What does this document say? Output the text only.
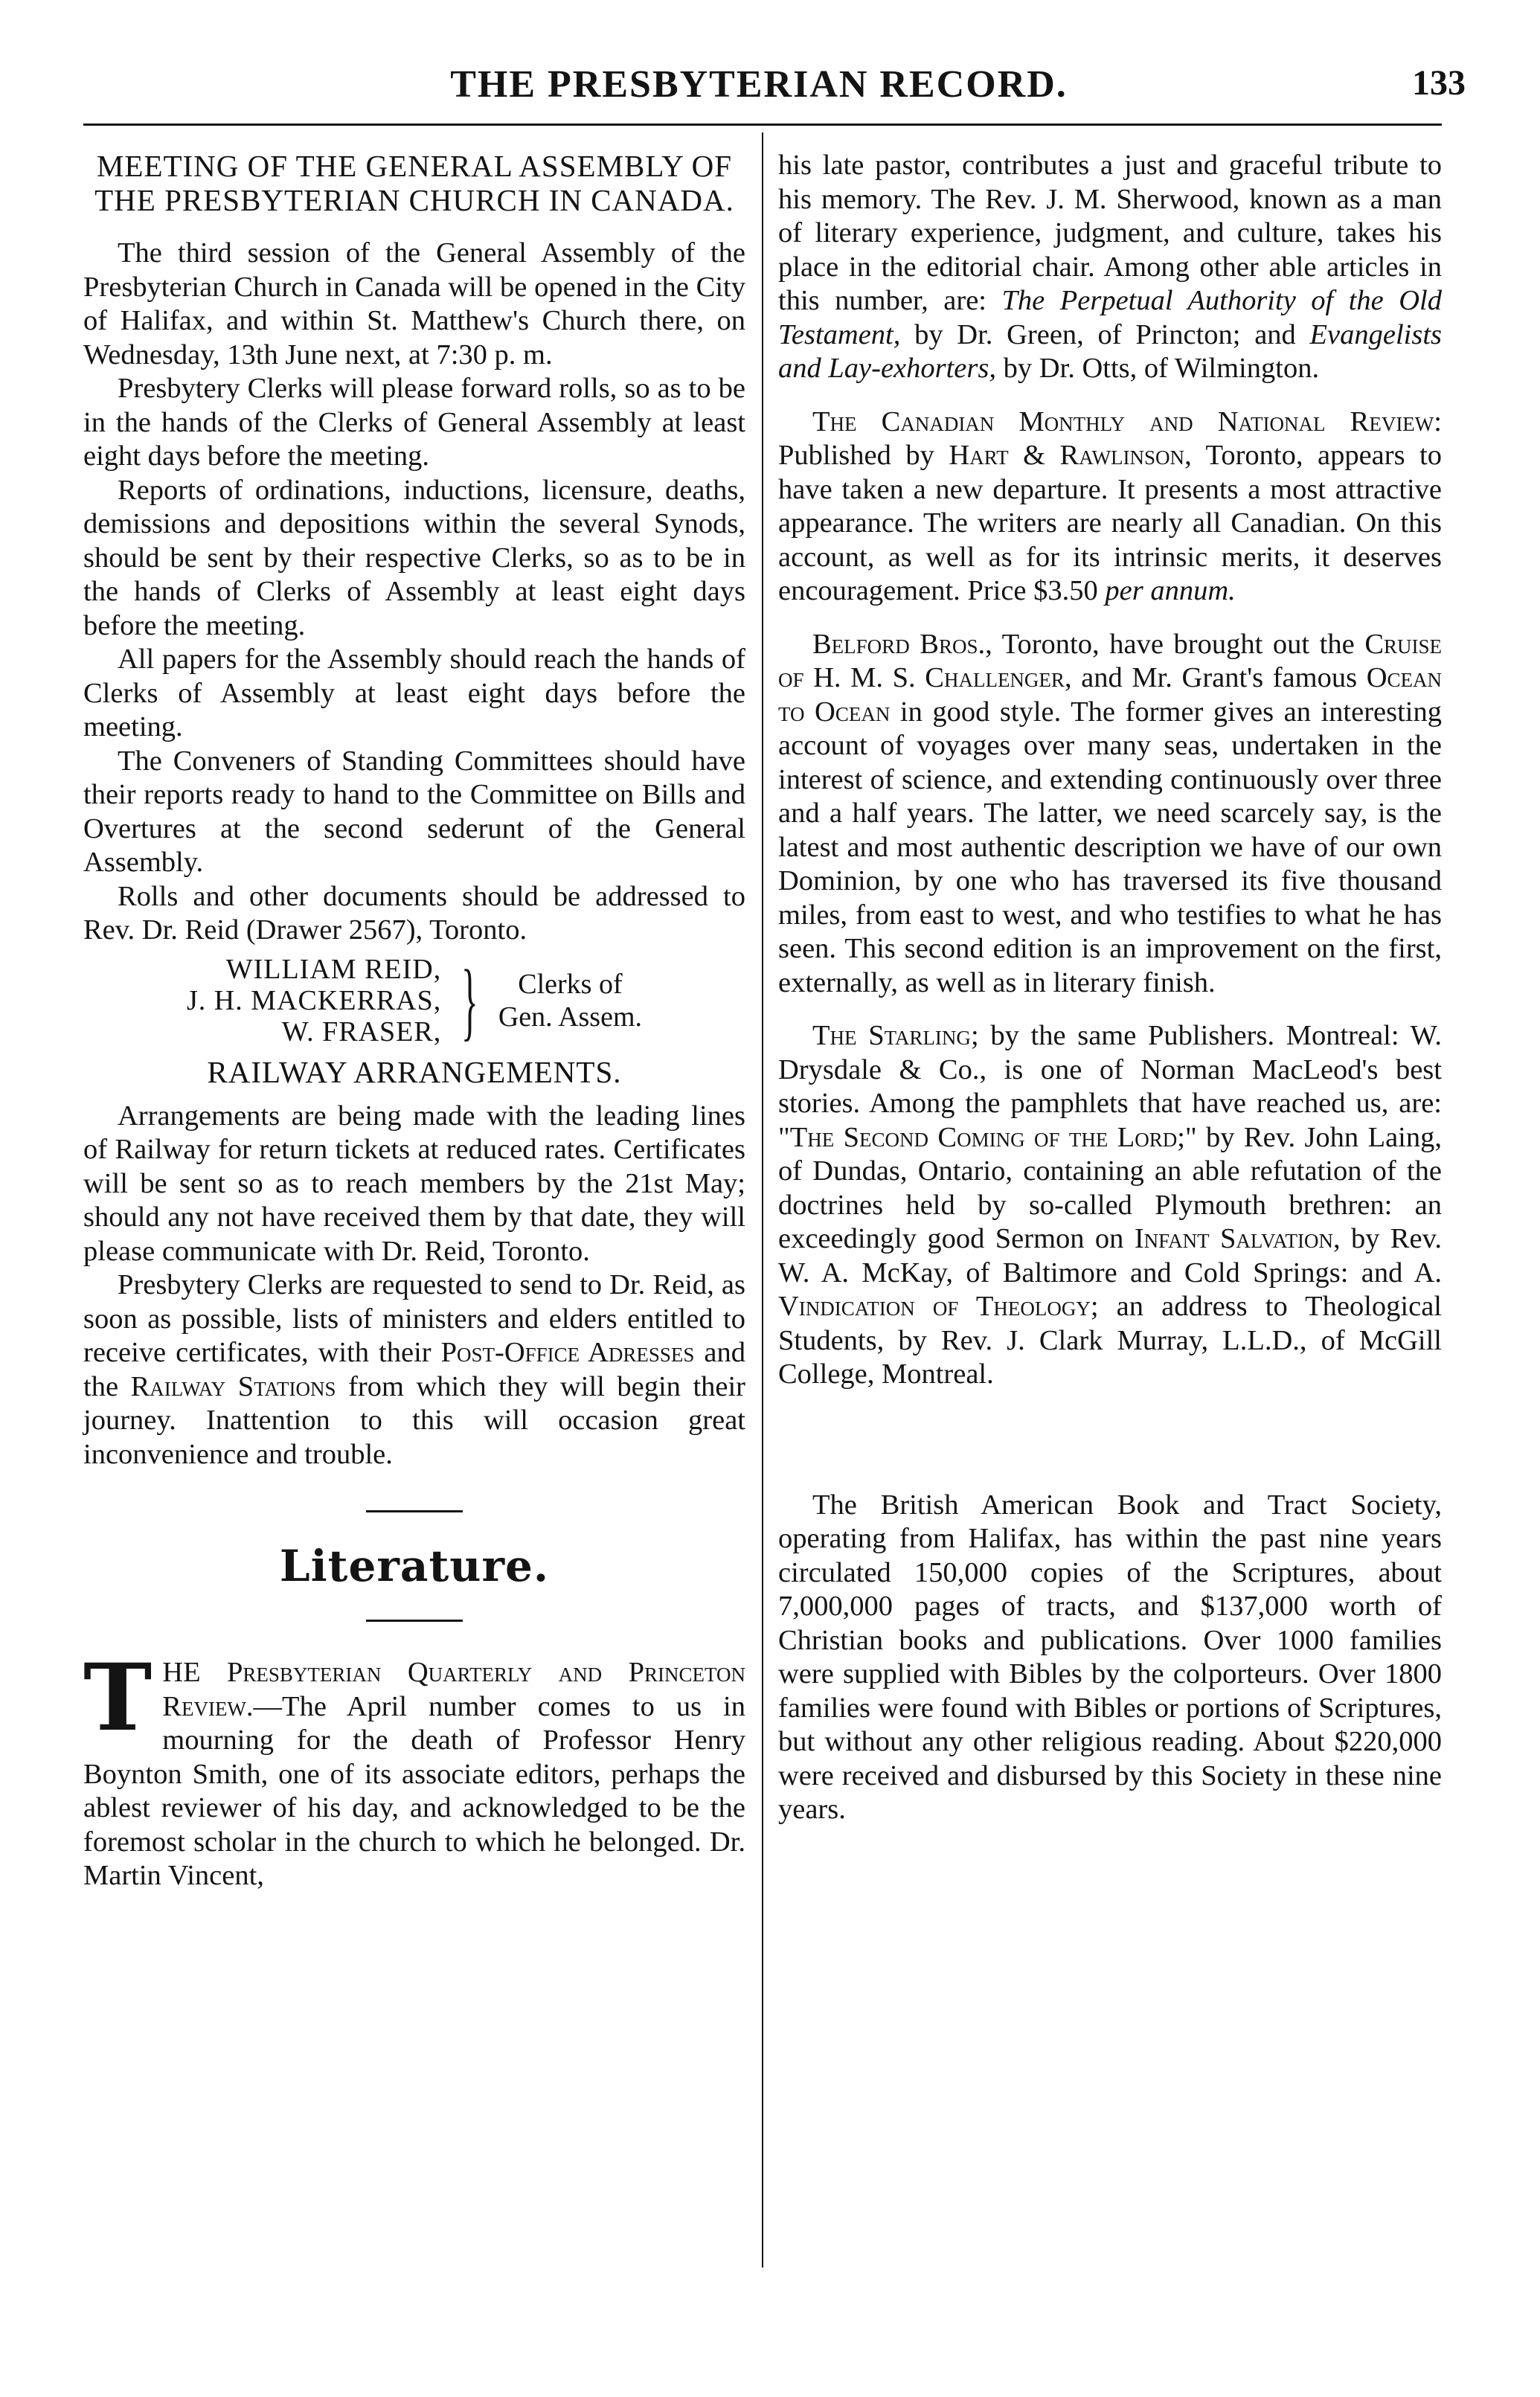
THE PRESBYTERIAN RECORD.	133
MEETING OF THE GENERAL ASSEMBLY OF THE PRESBYTERIAN CHURCH IN CANADA.

The third session of the General Assembly of the Presbyterian Church in Canada will be opened in the City of Halifax, and within St. Matthew's Church there, on Wednesday, 13th June next, at 7:30 p. m.

Presbytery Clerks will please forward rolls, so as to be in the hands of the Clerks of General Assembly at least eight days before the meeting.

Reports of ordinations, inductions, licensure, deaths, demissions and depositions within the several Synods, should be sent by their respective Clerks, so as to be in the hands of Clerks of Assembly at least eight days before the meeting.

All papers for the Assembly should reach the hands of Clerks of Assembly at least eight days before the meeting.

The Conveners of Standing Committees should have their reports ready to hand to the Committee on Bills and Overtures at the second sederunt of the General Assembly.

Rolls and other documents should be addressed to Rev. Dr. Reid (Drawer 2567), Toronto.

WILLIAM REID,
J. H. MACKERRAS,
W. FRASER, }	Clerks of
Gen. Assem.
RAILWAY ARRANGEMENTS.

Arrangements are being made with the leading lines of Railway for return tickets at reduced rates. Certificates will be sent so as to reach members by the 21st May; should any not have received them by that date, they will please communicate with Dr. Reid, Toronto.

Presbytery Clerks are requested to send to Dr. Reid, as soon as possible, lists of ministers and elders entitled to receive certificates, with their Post-Office Adresses and the Railway Stations from which they will begin their journey. Inattention to this will occasion great inconvenience and trouble.

Literature.

THE Presbyterian Quarterly and Princeton Review.—The April number comes to us in mourning for the death of Professor Henry Boynton Smith, one of its associate editors, perhaps the ablest reviewer of his day, and acknowledged to be the foremost scholar in the church to which he belonged. Dr. Martin Vincent,

his late pastor, contributes a just and graceful tribute to his memory. The Rev. J. M. Sherwood, known as a man of literary experience, judgment, and culture, takes his place in the editorial chair. Among other able articles in this number, are: The Perpetual Authority of the Old Testament, by Dr. Green, of Princton; and Evangelists and Lay-exhorters, by Dr. Otts, of Wilmington.

The Canadian Monthly and National Review: Published by Hart & Rawlinson, Toronto, appears to have taken a new departure. It presents a most attractive appearance. The writers are nearly all Canadian. On this account, as well as for its intrinsic merits, it deserves encouragement. Price $3.50 per annum.

Belford Bros., Toronto, have brought out the Cruise of H. M. S. Challenger, and Mr. Grant's famous Ocean to Ocean in good style. The former gives an interesting account of voyages over many seas, undertaken in the interest of science, and extending continuously over three and a half years. The latter, we need scarcely say, is the latest and most authentic description we have of our own Dominion, by one who has traversed its five thousand miles, from east to west, and who testifies to what he has seen. This second edition is an improvement on the first, externally, as well as in literary finish.

The Starling; by the same Publishers. Montreal: W. Drysdale & Co., is one of Norman MacLeod's best stories. Among the pamphlets that have reached us, are: "The Second Coming of the Lord;" by Rev. John Laing, of Dundas, Ontario, containing an able refutation of the doctrines held by so-called Plymouth brethren: an exceedingly good Sermon on Infant Salvation, by Rev. W. A. McKay, of Baltimore and Cold Springs: and A. Vindication of Theology; an address to Theological Students, by Rev. J. Clark Murray, L.L.D., of McGill College, Montreal.

The British American Book and Tract Society, operating from Halifax, has within the past nine years circulated 150,000 copies of the Scriptures, about 7,000,000 pages of tracts, and $137,000 worth of Christian books and publications. Over 1000 families were supplied with Bibles by the colporteurs. Over 1800 families were found with Bibles or portions of Scriptures, but without any other religious reading. About $220,000 were received and disbursed by this Society in these nine years.
